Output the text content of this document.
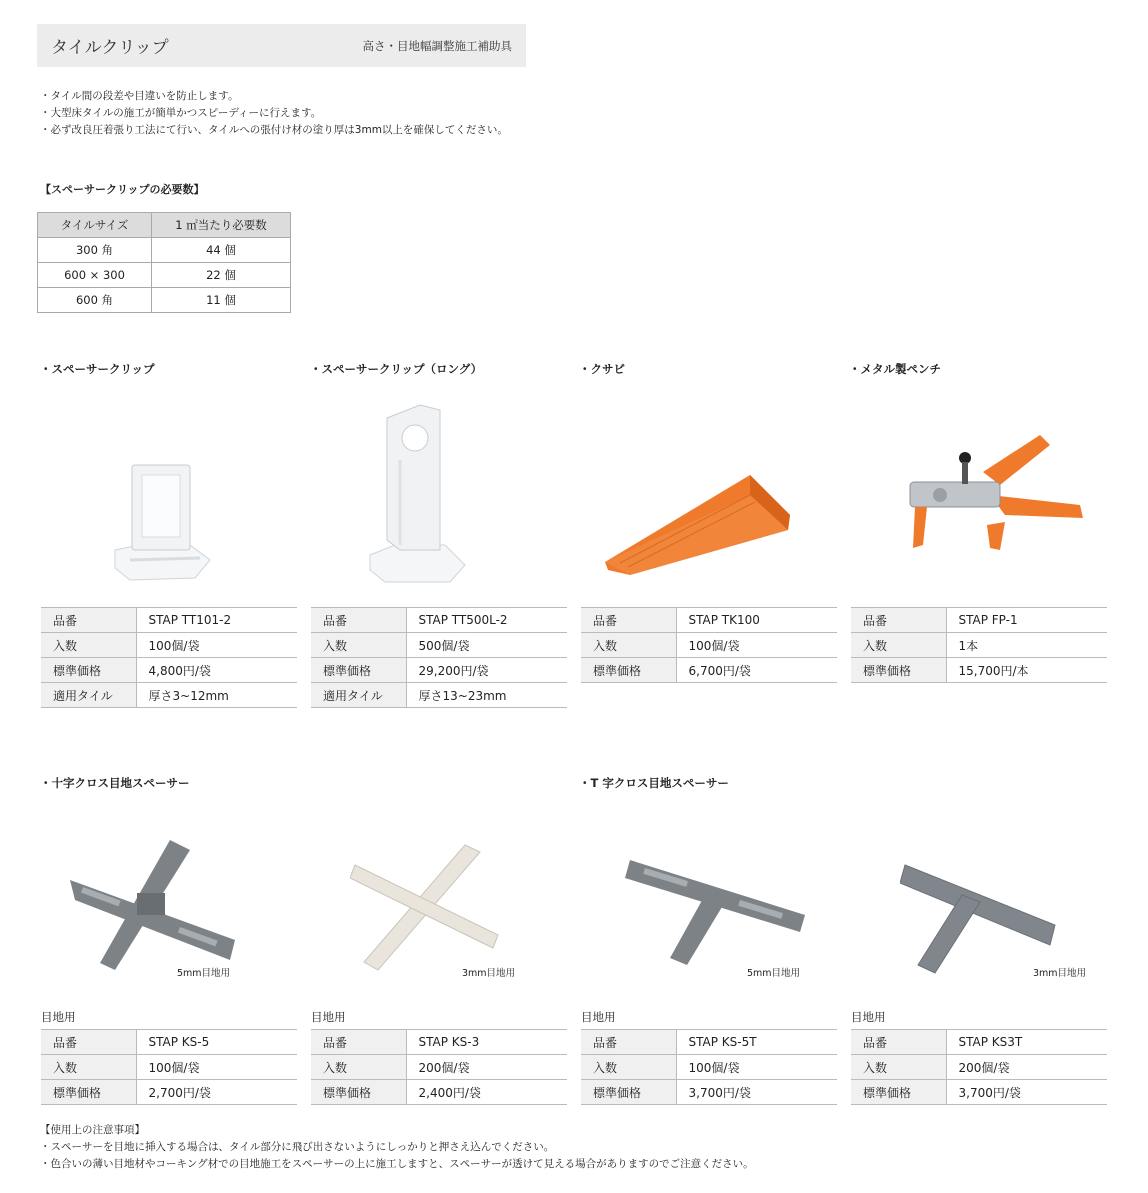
タイルクリップ	高さ・目地幅調整施工補助具
・タイル間の段差や目違いを防止します。
・大型床タイルの施工が簡単かつスピーディーに行えます。
・必ず改良圧着張り工法にて行い、タイルへの張付け材の塗り厚は3mm以上を確保してください。
【スペーサークリップの必要数】
タイルサイズ	1 ㎡当たり必要数
300 角	44 個
600 × 300	22 個
600 角	11 個
・スペーサークリップ	・スペーサークリップ（ロング）	・クサビ	・メタル製ペンチ
品番	STAP TT101-2
入数	100個/袋
標準価格	4,800円/袋
適用タイル	厚さ3~12mm
品番	STAP TT500L-2
入数	500個/袋
標準価格	29,200円/袋
適用タイル	厚さ13~23mm
品番	STAP TK100
入数	100個/袋
標準価格	6,700円/袋
品番	STAP FP-1
入数	1本
標準価格	15,700円/本
・十字クロス目地スペーサー	・T 字クロス目地スペーサー
5mm目地用	3mm目地用	5mm目地用	3mm目地用
目地用	目地用	目地用	目地用
品番	STAP KS-5
入数	100個/袋
標準価格	2,700円/袋
品番	STAP KS-3
入数	200個/袋
標準価格	2,400円/袋
品番	STAP KS-5T
入数	100個/袋
標準価格	3,700円/袋
品番	STAP KS3T
入数	200個/袋
標準価格	3,700円/袋
【使用上の注意事項】
・スペーサーを目地に挿入する場合は、タイル部分に飛び出さないようにしっかりと押さえ込んでください。
・色合いの薄い目地材やコーキング材での目地施工をスペーサーの上に施工しますと、スペーサーが透けて見える場合がありますのでご注意ください。
